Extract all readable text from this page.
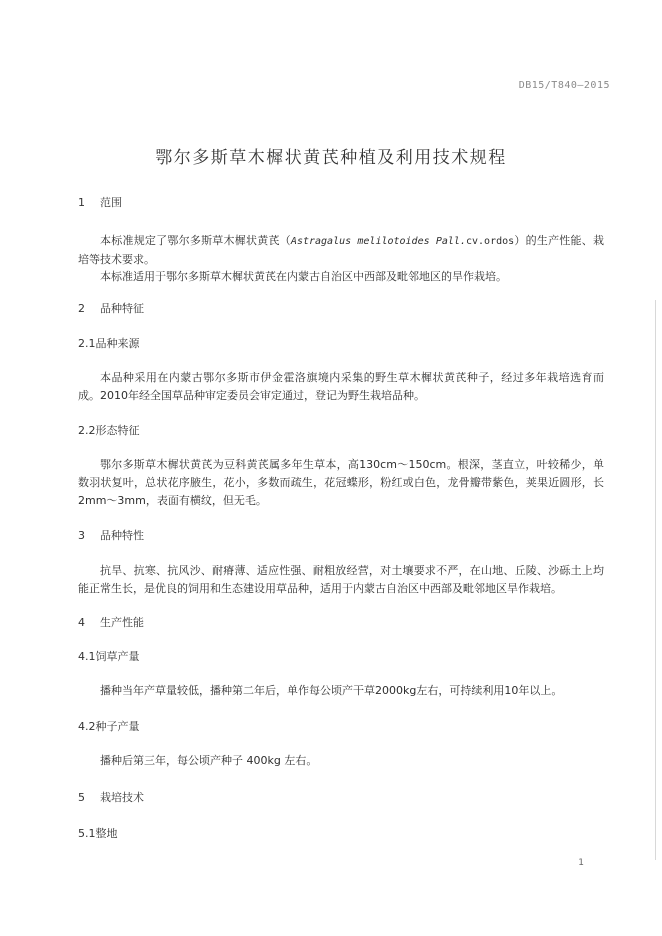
DB15/T840—2015
鄂尔多斯草木樨状黄芪种植及利用技术规程
1 范围

本标准规定了鄂尔多斯草木樨状黄芪（Astragalus melilotoides Pall.cv.ordos）的生产性能、栽培等技术要求。

本标准适用于鄂尔多斯草木樨状黄芪在内蒙古自治区中西部及毗邻地区的旱作栽培。

2 品种特征
2.1品种来源

本品种采用在内蒙古鄂尔多斯市伊金霍洛旗境内采集的野生草木樨状黄芪种子，经过多年栽培选育而成。2010年经全国草品种审定委员会审定通过，登记为野生栽培品种。

2.2形态特征

鄂尔多斯草木樨状黄芪为豆科黄芪属多年生草本，高130cm～150cm。根深，茎直立，叶较稀少，单数羽状复叶，总状花序腋生，花小，多数而疏生，花冠蝶形，粉红或白色，龙骨瓣带紫色，荚果近圆形，长2mm～3mm，表面有横纹，但无毛。

3 品种特性

抗旱、抗寒、抗风沙、耐瘠薄、适应性强、耐粗放经营，对土壤要求不严，在山地、丘陵、沙砾土上均能正常生长，是优良的饲用和生态建设用草品种，适用于内蒙古自治区中西部及毗邻地区旱作栽培。

4 生产性能
4.1饲草产量

播种当年产草量较低，播种第二年后，单作每公顷产干草2000kg左右，可持续利用10年以上。

4.2种子产量

播种后第三年，每公顷产种子 400kg 左右。

5 栽培技术
5.1整地
1
